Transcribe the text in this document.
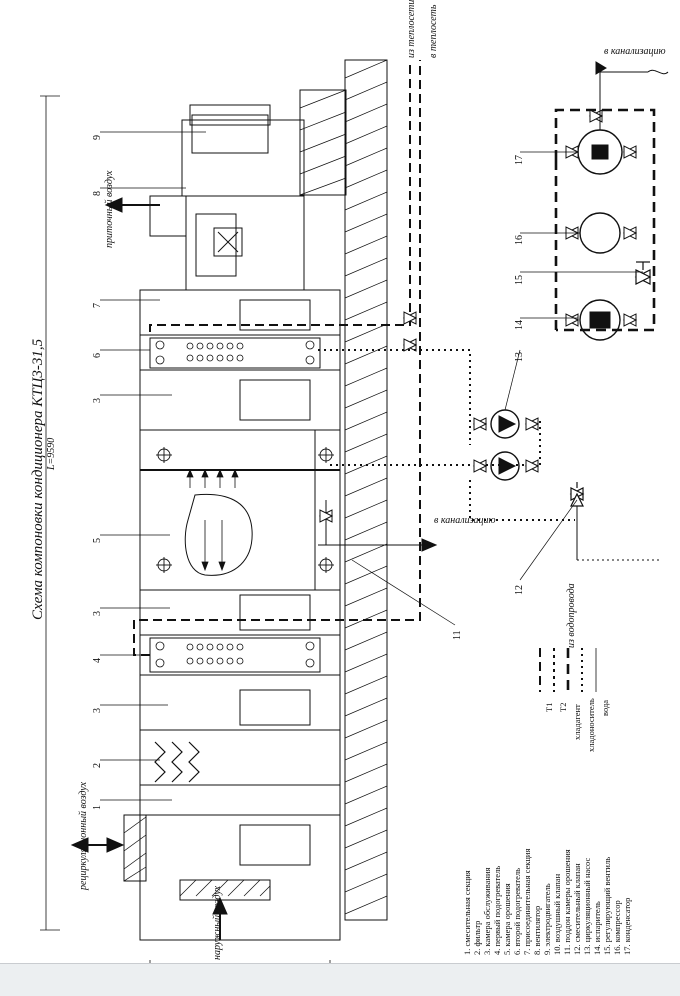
Схема компоновки кондиционера КТЦ3-31,5 L=9590
приточный воздух
рециркуляционный воздух
наружный воздух
из теплосети в теплосеть	в канализацию
в канализацию
из водопровода
1
2
3
4
5
3
3
6
7
8
9
11
12
13
14
15
16
17
Т1 Т2 хладагент хладоноситель вода
1. смесительная секция 2. фильтр 3. камера обслуживания 4. первый подогреватель 5. камера орошения 6. второй подогреватель 7. присоединительная секция 8. вентилятор 9. электродвигатель 10. воздушный клапан 11. поддон камеры орошения 12. смесительный клапан 13. циркуляционный насос 14. испаритель 15. регулирующий вентиль 16. компрессор 17. конденсатор
